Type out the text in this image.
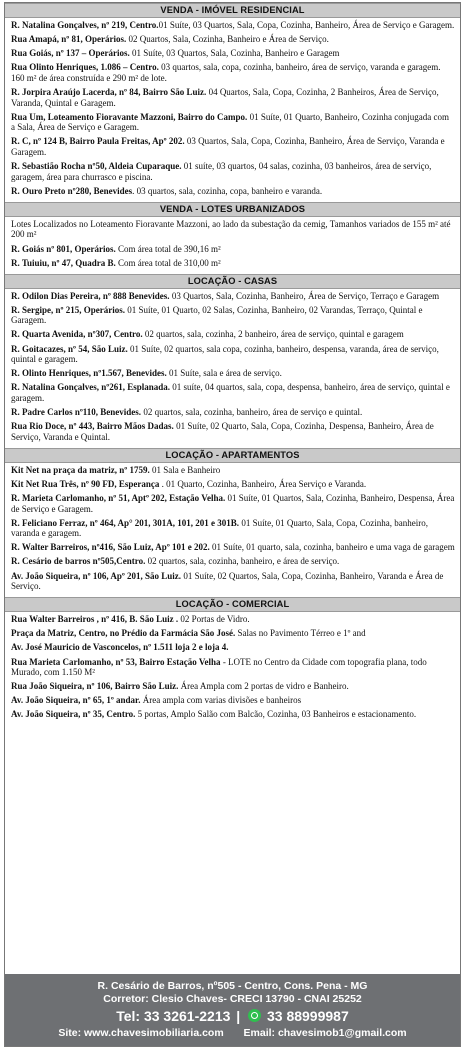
VENDA - IMÓVEL RESIDENCIAL
R. Natalina Gonçalves, nº 219, Centro.01 Suíte, 03 Quartos, Sala, Copa, Cozinha, Banheiro, Área de Serviço e Garagem.
Rua Amapá, nº 81, Operários. 02 Quartos, Sala, Cozinha, Banheiro e Área de Serviço.
Rua Goiás, nº 137 – Operários. 01 Suíte, 03 Quartos, Sala, Cozinha, Banheiro e Garagem
Rua Olinto Henriques, 1.086 – Centro. 03 quartos, sala, copa, cozinha, banheiro, área de serviço, varanda e garagem. 160 m² de área construída e 290 m² de lote.
R. Jorpira Araújo Lacerda, nº 84, Bairro São Luiz. 04 Quartos, Sala, Copa, Cozinha, 2 Banheiros, Área de Serviço, Varanda, Quintal e Garagem.
Rua Um, Loteamento Fioravante Mazzoni, Bairro do Campo. 01 Suíte, 01 Quarto, Banheiro, Cozinha conjugada com a Sala, Área de Serviço e Garagem.
R. C, nº 124 B, Bairro Paula Freitas, Apº 202. 03 Quartos, Sala, Copa, Cozinha, Banheiro, Área de Serviço, Varanda e Garagem.
R. Sebastião Rocha nº50, Aldeia Cuparaque. 01 suíte, 03 quartos, 04 salas, cozinha, 03 banheiros, área de serviço, garagem, área para churrasco e piscina.
R. Ouro Preto nº280, Benevides. 03 quartos, sala, cozinha, copa, banheiro e varanda.
VENDA - LOTES URBANIZADOS
Lotes Localizados no Loteamento Fioravante Mazzoni, ao lado da subestação da cemig, Tamanhos variados de 155 m² até 200 m²
R. Goiás nº 801, Operários. Com área total de 390,16 m²
R. Tuiuiu, nº 47, Quadra B. Com área total de 310,00 m²
LOCAÇÃO - CASAS
R. Odilon Dias Pereira, nº 888 Benevides. 03 Quartos, Sala, Cozinha, Banheiro, Área de Serviço, Terraço e Garagem
R. Sergipe, nº 215, Operários. 01 Suíte, 01 Quarto, 02 Salas, Cozinha, Banheiro, 02 Varandas, Terraço, Quintal e Garagem.
R. Quarta Avenida, nº307, Centro. 02 quartos, sala, cozinha, 2 banheiro, área de serviço, quintal e garagem
R. Goitacazes, nº 54, São Luiz. 01 Suíte, 02 quartos, sala copa, cozinha, banheiro, despensa, varanda, área de serviço, quintal e garagem.
R. Olinto Henriques, nº1.567, Benevides. 01 Suíte, sala e área de serviço.
R. Natalina Gonçalves, nº261, Esplanada. 01 suíte, 04 quartos, sala, copa, despensa, banheiro, área de serviço, quintal e garagem.
R. Padre Carlos nº110, Benevides. 02 quartos, sala, cozinha, banheiro, área de serviço e quintal.
Rua Rio Doce, nº 443, Bairro Mãos Dadas. 01 Suíte, 02 Quarto, Sala, Copa, Cozinha, Despensa, Banheiro, Área de Serviço, Varanda e Quintal.
LOCAÇÃO - APARTAMENTOS
Kit Net na praça da matriz, nº 1759. 01 Sala e Banheiro
Kit Net Rua Três, nº 90 FD, Esperança . 01 Quarto, Cozinha, Banheiro, Área Serviço e Varanda.
R. Marieta Carlomanho, nº 51, Aptº 202, Estação Velha. 01 Suíte, 01 Quartos, Sala, Cozinha, Banheiro, Despensa, Área de Serviço e Garagem.
R. Feliciano Ferraz, nº 464, Ap° 201, 301A, 101, 201 e 301B. 01 Suíte, 01 Quarto, Sala, Copa, Cozinha, banheiro, varanda e garagem.
R. Walter Barreiros, nº416, São Luiz, Apº 101 e 202. 01 Suíte, 01 quarto, sala, cozinha, banheiro e uma vaga de garagem
R. Cesário de barros nº505,Centro. 02 quartos, sala, cozinha, banheiro, e área de serviço.
Av. João Siqueira, nº 106, Apº 201, São Luiz. 01 Suíte, 02 Quartos, Sala, Copa, Cozinha, Banheiro, Varanda e Área de Serviço.
LOCAÇÃO - COMERCIAL
Rua Walter Barreiros , nº 416, B. São Luiz . 02 Portas de Vidro.
Praça da Matriz, Centro, no Prédio da Farmácia São José. Salas no Pavimento Térreo e 1º and
Av. José Mauricio de Vasconcelos, nº 1.511 loja 2 e loja 4.
Rua Marieta Carlomanho, nº 53, Bairro Estação Velha - LOTE no Centro da Cidade com topografia plana, todo Murado, com 1.150 M²
Rua João Siqueira, nº 106, Bairro São Luiz. Área Ampla com 2 portas de vidro e Banheiro.
Av. João Siqueira, nº 65, 1º andar. Área ampla com varias divisões e banheiros
Av. João Siqueira, nº 35, Centro. 5 portas, Amplo Salão com Balcão, Cozinha, 03 Banheiros e estacionamento.
R. Cesário de Barros, nº505 - Centro, Cons. Pena - MG
Corretor: Clesio Chaves- CRECI 13790 - CNAI 25252
Tel: 33 3261-2213 | 33 88999987
Site: www.chavesimobiliaria.com Email: chavesimob1@gmail.com
